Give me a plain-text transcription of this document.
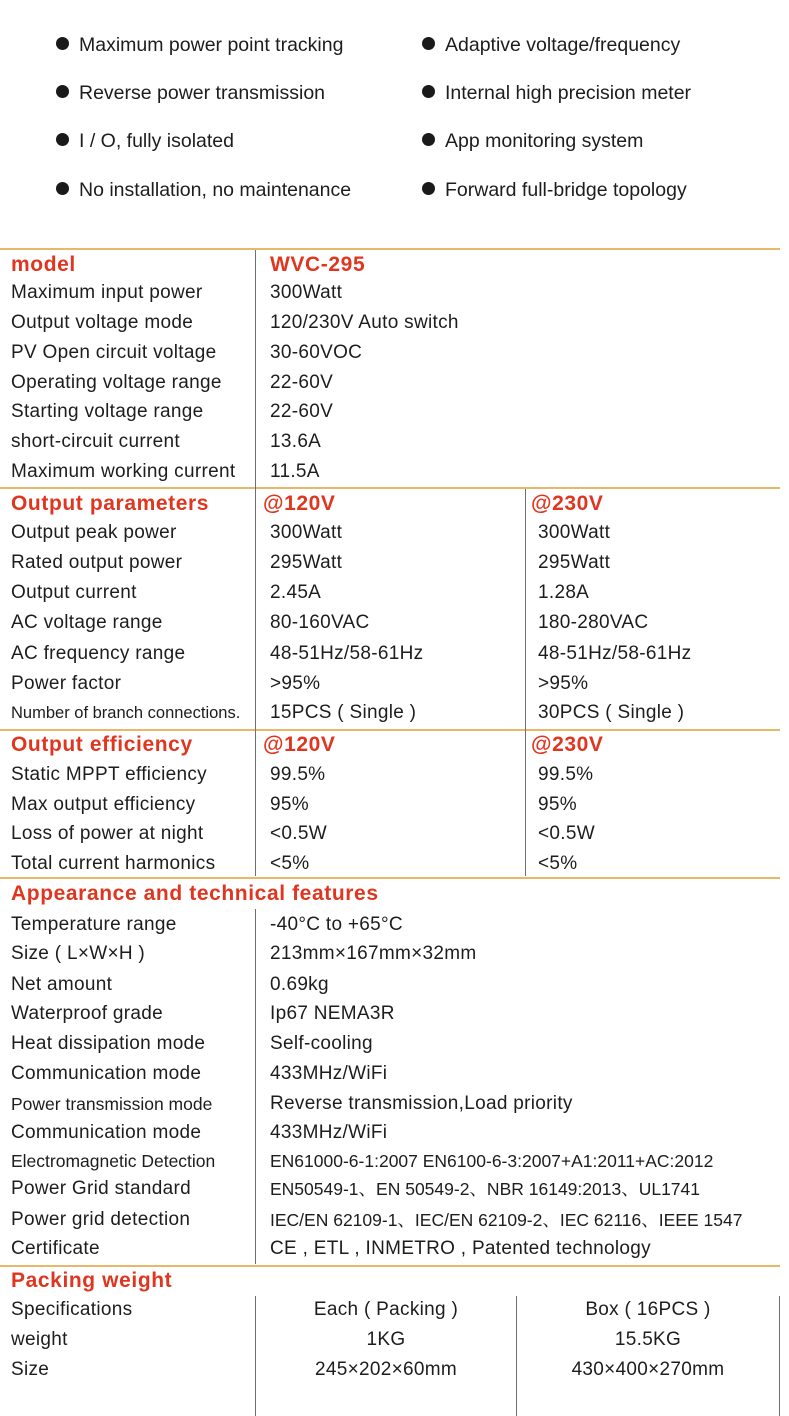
Maximum power point tracking	Adaptive voltage/frequency
Reverse power transmission	Internal high precision meter
I / O, fully isolated	App monitoring system
No installation, no maintenance	Forward full-bridge topology
model	WVC-295
Maximum input power	300Watt
Output voltage mode	120/230V Auto switch
PV Open circuit voltage	30-60VOC
Operating voltage range	22-60V
Starting voltage range	22-60V
short-circuit current	13.6A
Maximum working current 11.5A
Output parameters	@120V	@230V
Output peak power	300Watt	300Watt
Rated output power	295Watt	295Watt
Output current	2.45A	1.28A
AC voltage range	80-160VAC	180-280VAC
AC frequency range	48-51Hz/58-61Hz	48-51Hz/58-61Hz
Power factor	>95%	>95%
Number of branch connections. 15PCS ( Single )	30PCS ( Single )
Output efficiency	@120V	@230V
Static MPPT efficiency	99.5%	99.5%
Max output efficiency	95%	95%
Loss of power at night	<0.5W	<0.5W
Total current harmonics	<5%	<5%
Appearance and technical features
Temperature range	-40°C to +65°C
Size ( L×W×H )	213mm×167mm×32mm
Net amount	0.69kg
Waterproof grade	Ip67 NEMA3R
Heat dissipation mode	Self-cooling
Communication mode	433MHz/WiFi
Power transmission mode	Reverse transmission,Load priority
Communication mode	433MHz/WiFi
Electromagnetic Detection	EN61000-6-1:2007 EN6100-6-3:2007+A1:2011+AC:2012
Power Grid standard	EN50549-1、EN 50549-2、NBR 16149:2013、UL1741
Power grid detection	IEC/EN 62109-1、IEC/EN 62109-2、IEC 62116、IEEE 1547
Certificate	CE , ETL , INMETRO , Patented technology
Packing weight
Specifications	Each ( Packing )	Box ( 16PCS )
weight	1KG	15.5KG
Size	245×202×60mm	430×400×270mm
